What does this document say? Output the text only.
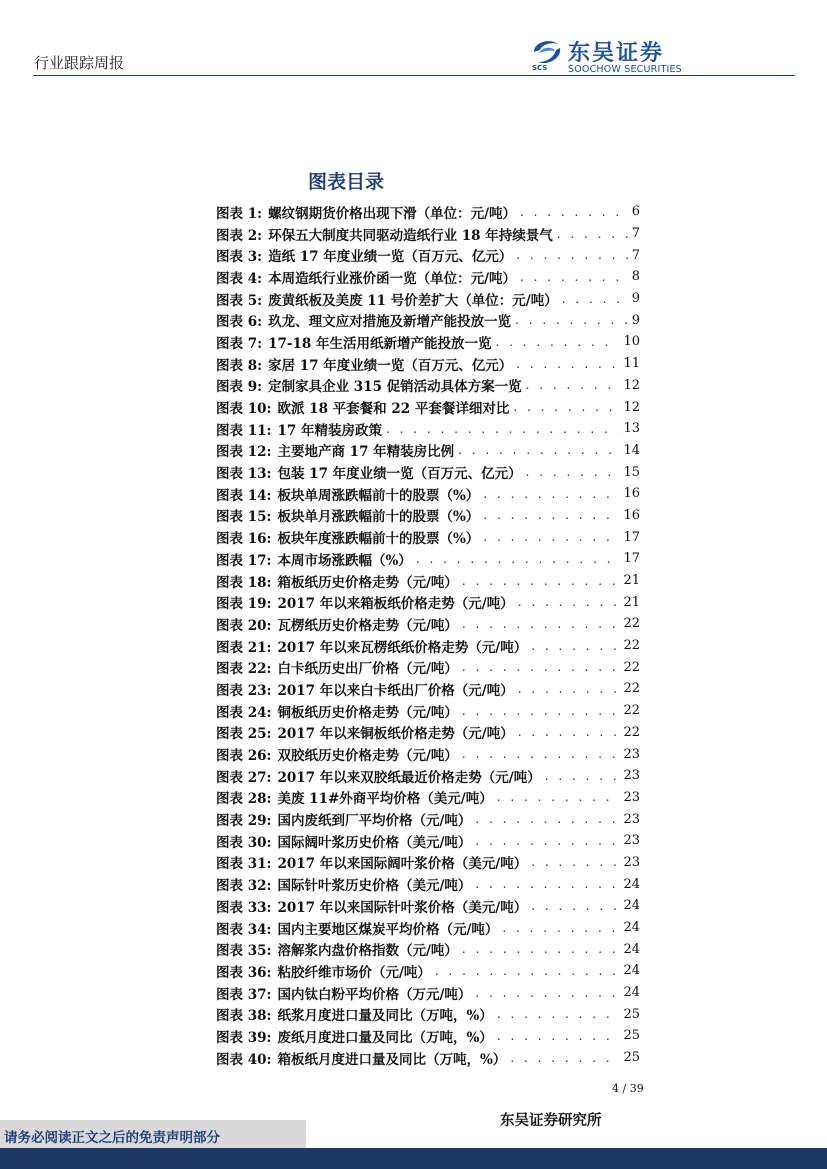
行业跟踪周报	SCS
东吴证券
SOOCHOW SECURITIES
图表目录
图表 1: 螺纹钢期货价格出现下滑（单位：元/吨） . . .	6
图表 2: 环保五大制度共同驱动造纸行业 18 年持续景气 . . .	7
图表 3: 造纸 17 年度业绩一览（百万元、亿元） . . .	7
图表 4: 本周造纸行业涨价函一览（单位：元/吨） . . .	8
图表 5: 废黄纸板及美废 11 号价差扩大（单位：元/吨） . . .	9
图表 6: 玖龙、理文应对措施及新增产能投放一览 . . .	9
图表 7: 17-18 年生活用纸新增产能投放一览 . . .	10
图表 8: 家居 17 年度业绩一览（百万元、亿元） . . .	11
图表 9: 定制家具企业 315 促销活动具体方案一览 . . .	12
图表 10: 欧派 18 平套餐和 22 平套餐详细对比 . . .	12
图表 11: 17 年精装房政策 . . .	13
图表 12: 主要地产商 17 年精装房比例 . . .	14
图表 13: 包装 17 年度业绩一览（百万元、亿元） . . .	15
图表 14: 板块单周涨跌幅前十的股票（%） . . .	16
图表 15: 板块单月涨跌幅前十的股票（%） . . .	16
图表 16: 板块年度涨跌幅前十的股票（%） . . .	17
图表 17: 本周市场涨跌幅（%） . . .	17
图表 18: 箱板纸历史价格走势（元/吨） . . .	21
图表 19: 2017 年以来箱板纸价格走势（元/吨） . . .	21
图表 20: 瓦楞纸历史价格走势（元/吨） . . .	22
图表 21: 2017 年以来瓦楞纸纸价格走势（元/吨） . . .	22
图表 22: 白卡纸历史出厂价格（元/吨） . . .	22
图表 23: 2017 年以来白卡纸出厂价格（元/吨） . . .	22
图表 24: 铜板纸历史价格走势（元/吨） . . .	22
图表 25: 2017 年以来铜板纸价格走势（元/吨） . . .	22
图表 26: 双胶纸历史价格走势（元/吨） . . .	23
图表 27: 2017 年以来双胶纸最近价格走势（元/吨） . . .	23
图表 28: 美废 11#外商平均价格（美元/吨） . . .	23
图表 29: 国内废纸到厂平均价格（元/吨） . . .	23
图表 30: 国际阔叶浆历史价格（美元/吨） . . .	23
图表 31: 2017 年以来国际阔叶浆价格（美元/吨） . . .	23
图表 32: 国际针叶浆历史价格（美元/吨） . . .	24
图表 33: 2017 年以来国际针叶浆价格（美元/吨） . . .	24
图表 34: 国内主要地区煤炭平均价格（元/吨） . . .	24
图表 35: 溶解浆内盘价格指数（元/吨） . . .	24
图表 36: 粘胶纤维市场价（元/吨） . . .	24
图表 37: 国内钛白粉平均价格（万元/吨） . . .	24
图表 38: 纸浆月度进口量及同比（万吨，%） . . .	25
图表 39: 废纸月度进口量及同比（万吨，%） . . .	25
图表 40: 箱板纸月度进口量及同比（万吨，%） . . .	25
4 / 39
东吴证券研究所
请务必阅读正文之后的免责声明部分
